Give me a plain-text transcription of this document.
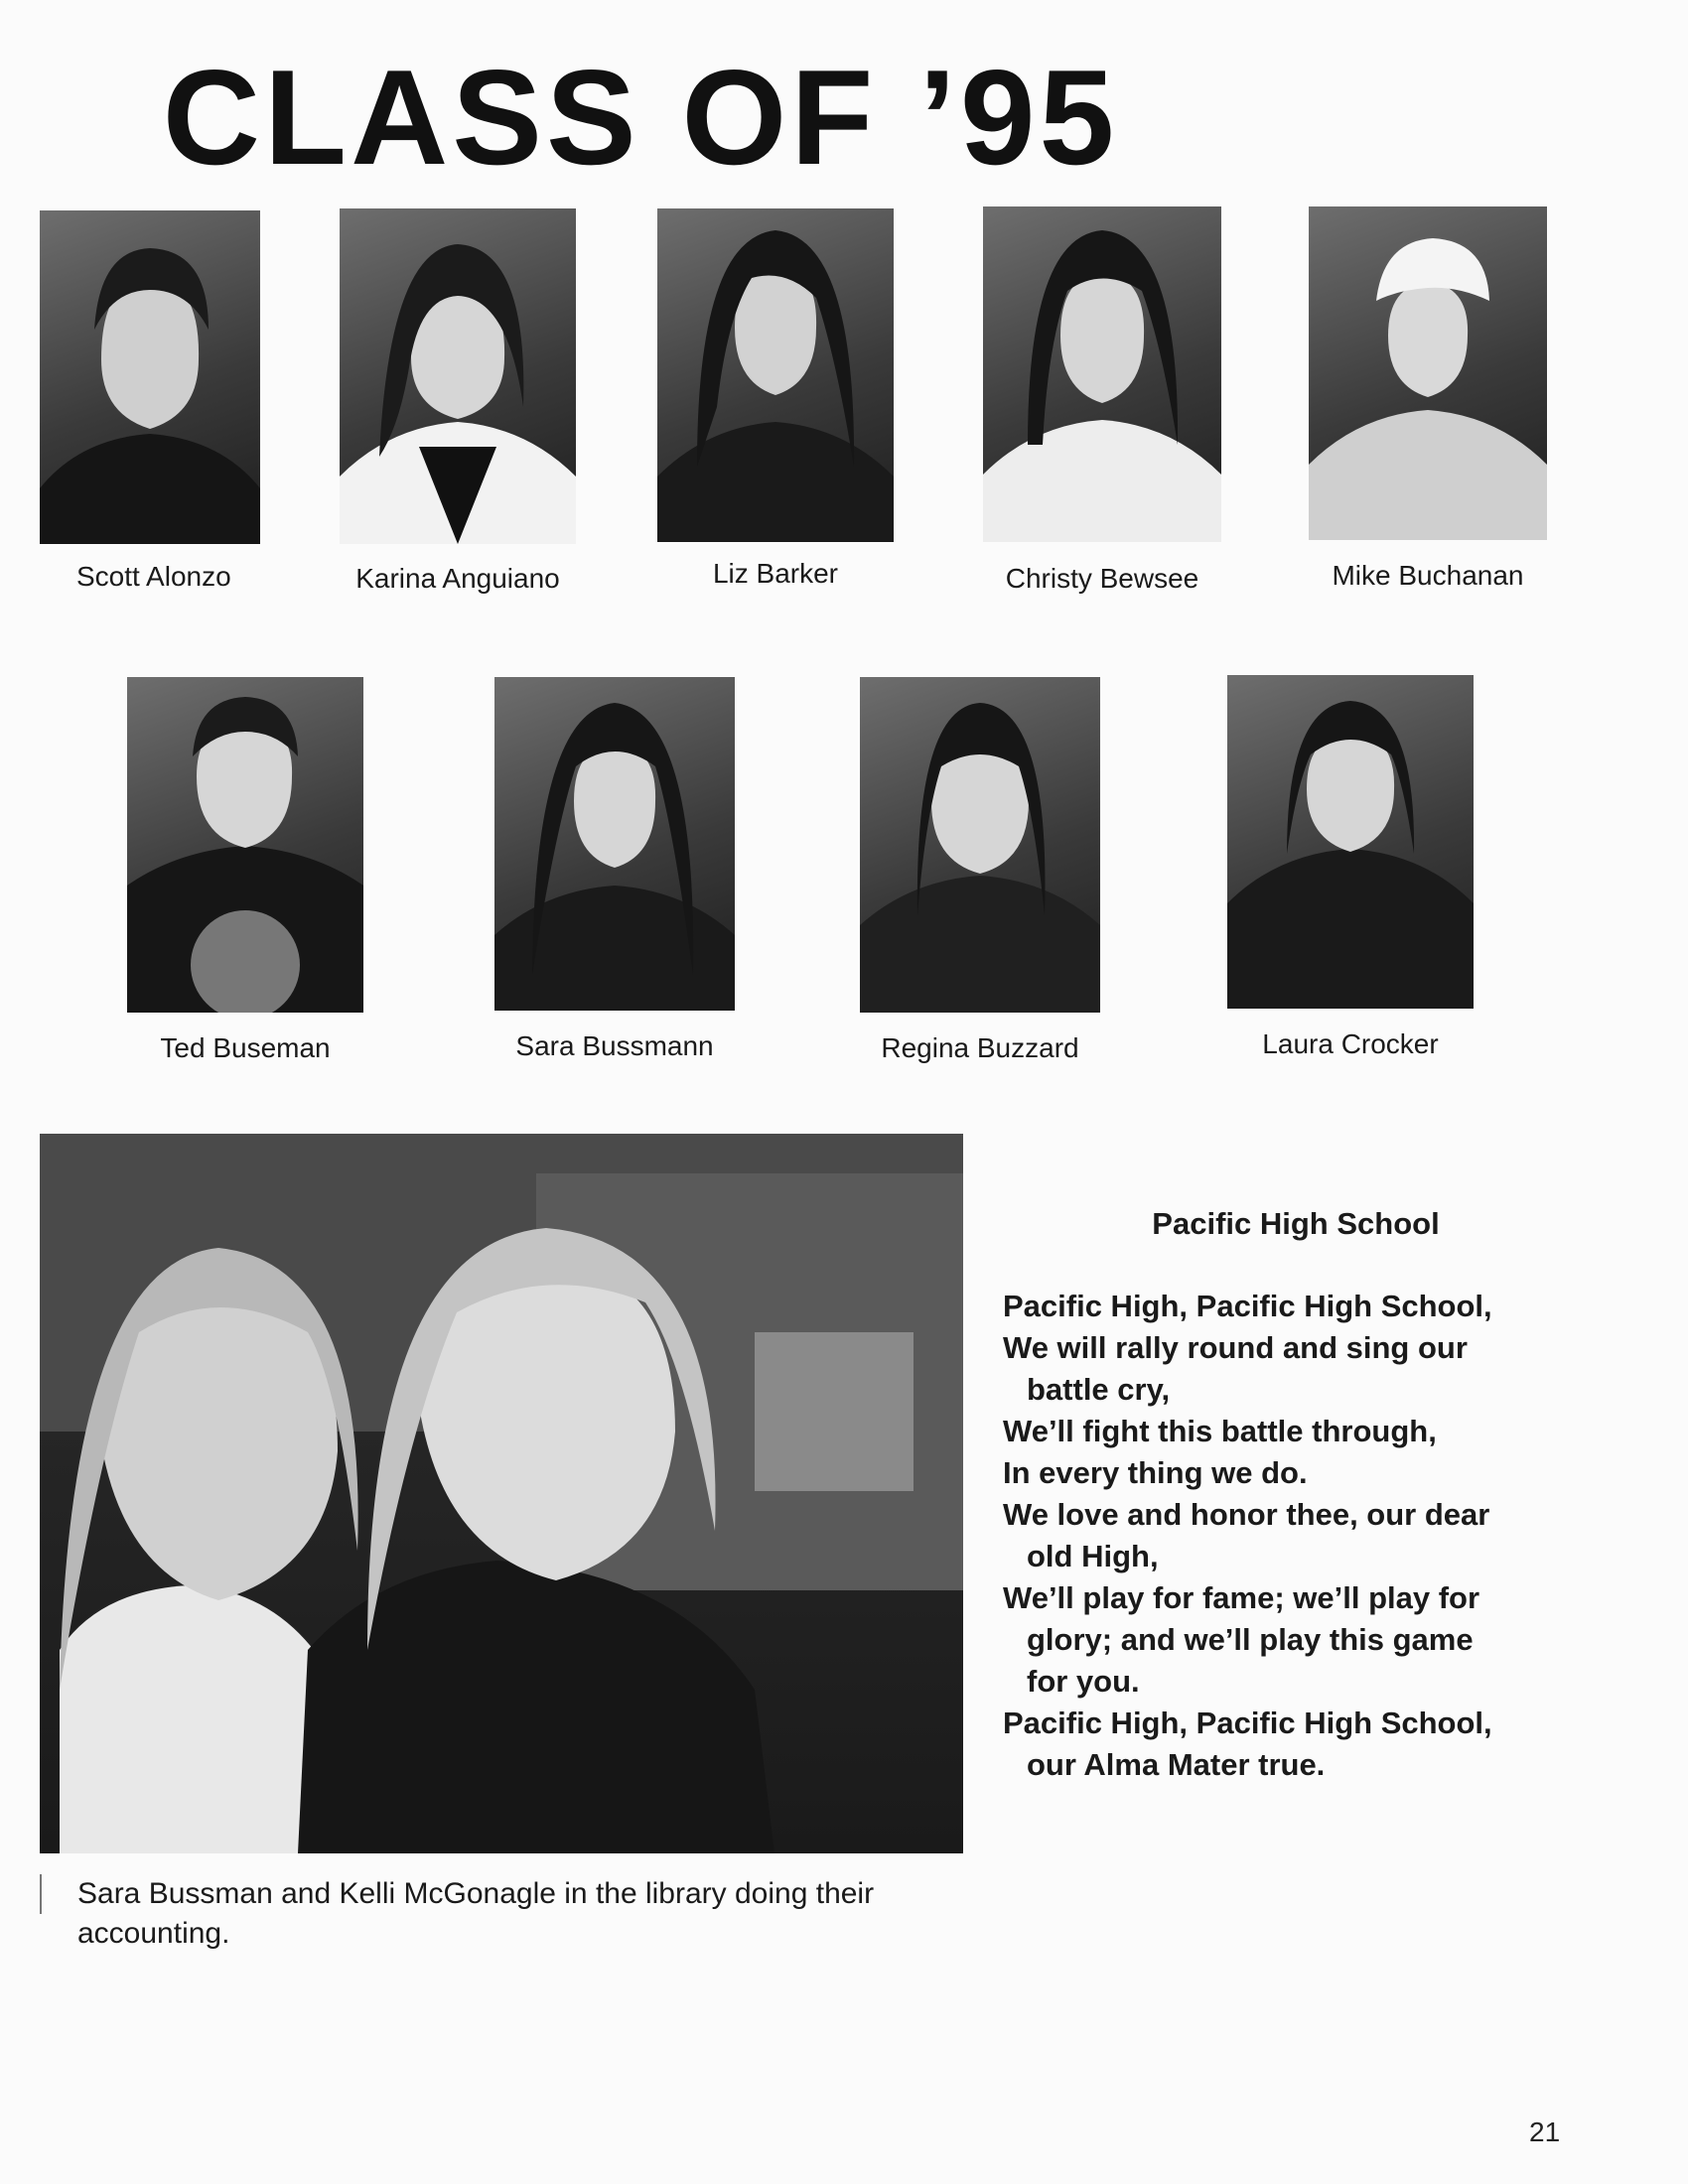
CLASS OF ’95
Scott Alonzo	Karina Anguiano	Liz Barker	Christy Bewsee	Mike Buchanan
Ted Buseman	Sara Bussmann	Regina Buzzard	Laura Crocker
Sara Bussman and Kelli McGonagle in the library doing their accounting.
Pacific High School
Pacific High, Pacific High School,
We will rally round and sing our
battle cry,
We’ll fight this battle through,
In every thing we do.
We love and honor thee, our dear
old High,
We’ll play for fame; we’ll play for
glory; and we’ll play this game
for you.
Pacific High, Pacific High School,
our Alma Mater true.
21
